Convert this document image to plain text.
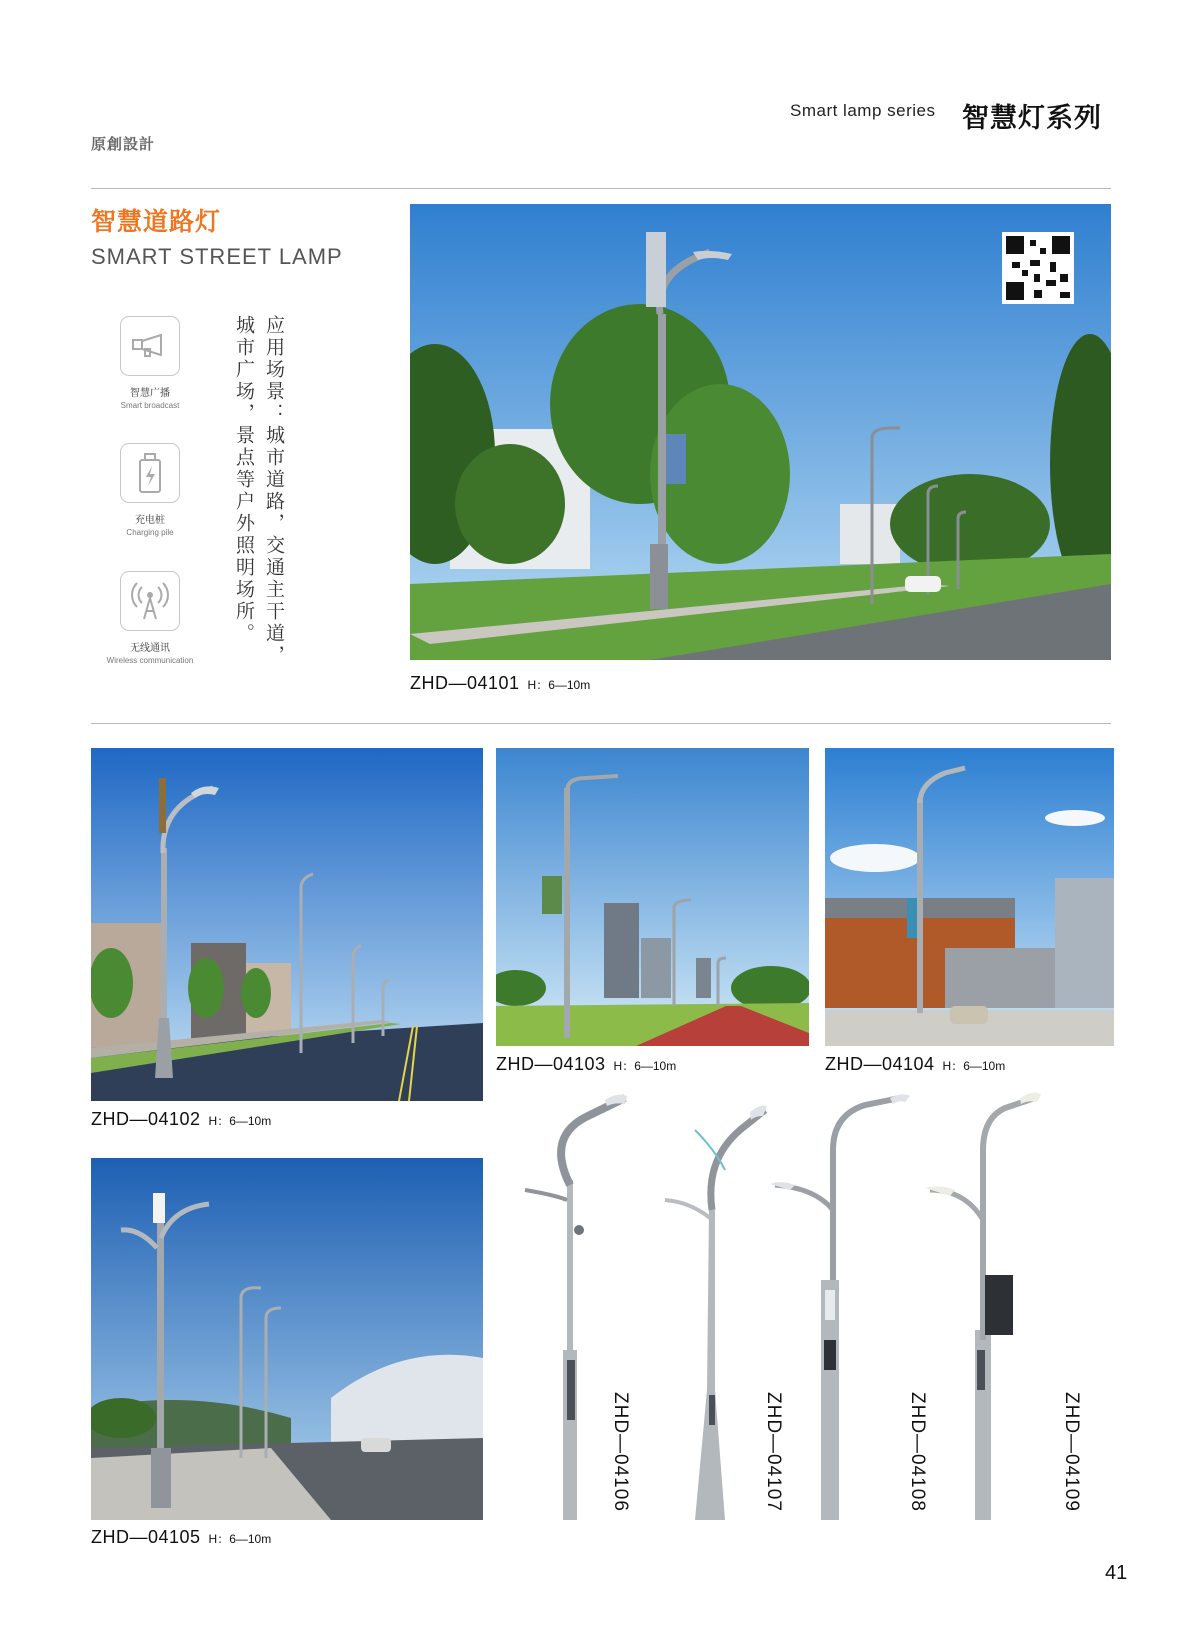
Smart lamp series 智慧灯系列
原創設計
智慧道路灯
SMART STREET LAMP
智慧广播
Smart broadcast
充电桩
Charging pile
无线通讯
Wireless communication	应用场景：城市道路，交通主干道，城市广场，景点等户外照明场所。
ZHD—04101 H：6—10m
ZHD—04102 H：6—10m
ZHD—04103 H：6—10m	ZHD—04104 H：6—10m
ZHD—04105 H：6—10m
ZHD—04106	ZHD—04107	ZHD—04108	ZHD—04109
41
